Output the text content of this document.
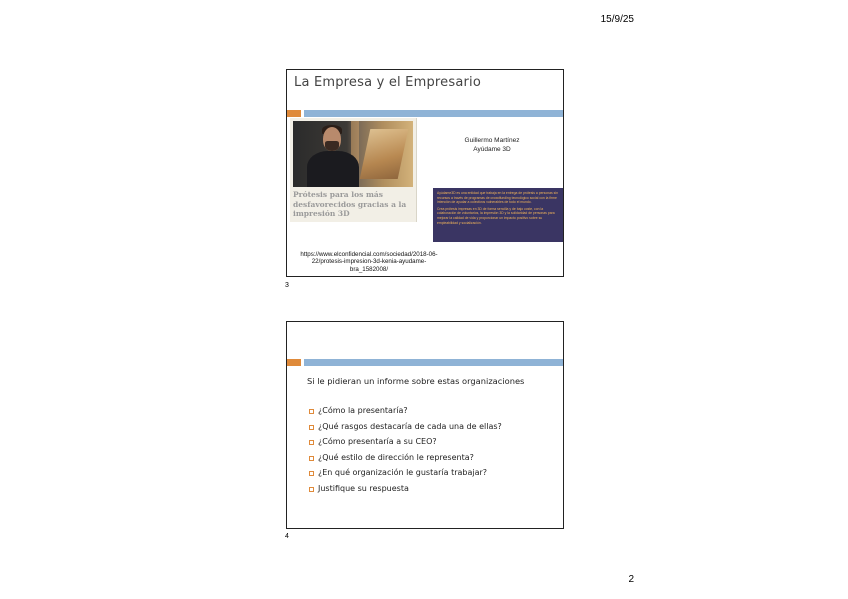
15/9/25
La Empresa y el Empresario
Prótesis para los más desfavorecidos gracias a la impresión 3D
Guillermo Martínez
Ayúdame 3D

Ayúdame3D es una entidad que trabaja en la entrega de prótesis a personas sin recursos a través de programas de crowdfunding tecnológico social con la firme intención de ayudar a colectivos vulnerables de todo el mundo.

Crea prótesis impresas en 3D de forma sencilla y de bajo coste, con la colaboración de voluntarios, la impresión 3D y la solidaridad de personas para mejorar la calidad de vida y proporcionar un impacto positivo sobre su empleabilidad y socialización.

https://www.elconfidencial.com/sociedad/2018-06-22/protesis-impresion-3d-kenia-ayudame-bra_1582008/
3
Si le pidieran un informe sobre estas organizaciones
¿Cómo la presentaría?
¿Qué rasgos destacaría de cada una de ellas?
¿Cómo presentaría a su CEO?
¿Qué estilo de dirección le representa?
¿En qué organización le gustaría trabajar?
Justifique su respuesta
4
2
